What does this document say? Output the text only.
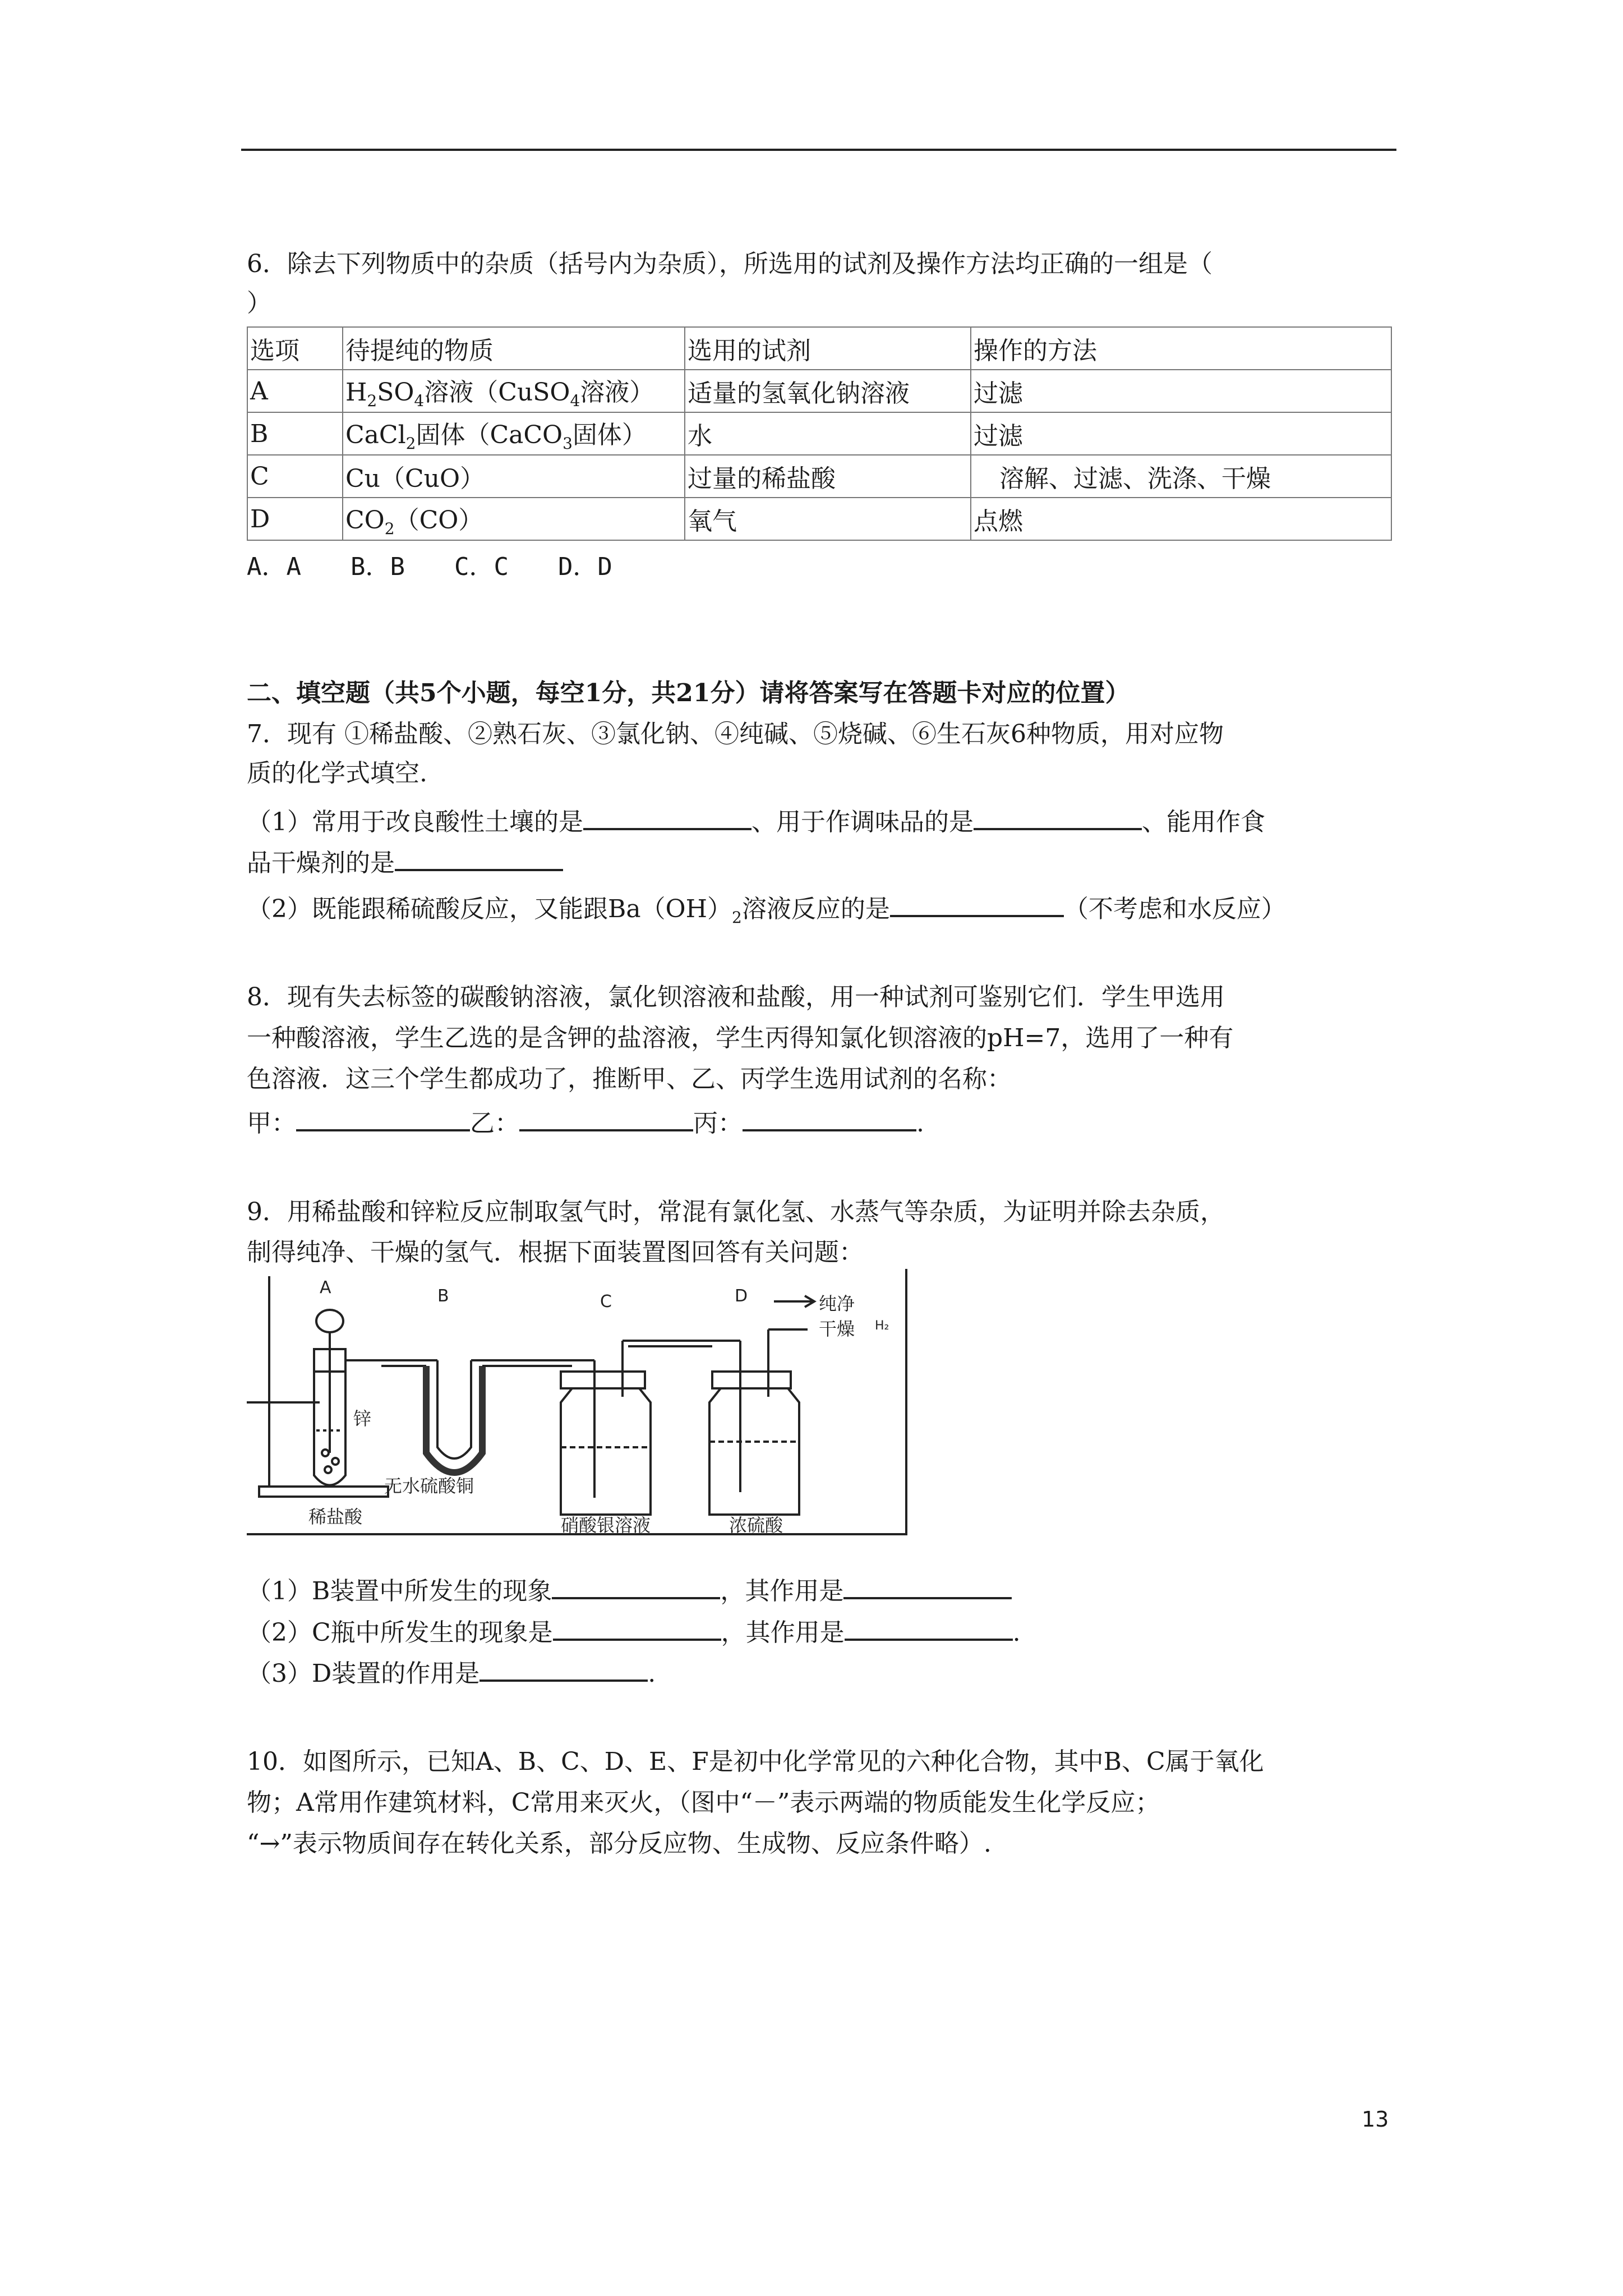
6．除去下列物质中的杂质（括号内为杂质），所选用的试剂及操作方法均正确的一组是（
）
选项	待提纯的物质	选用的试剂	操作的方法
A	$H_2SO_4$溶液（CuSO$_4$溶液）	适量的氢氧化钠溶液	过滤
B	CaCl$_2$固体（CaCO$_3$固体）	水	过滤
C	Cu（CuO）	过量的稀盐酸	溶解、过滤、洗涤、干燥
D	$CO_2(CO)$	氧气	点燃
A．A　　B．B　　C．C　　D．D
二、填空题（共5个小题，每空1分，共21分）请将答案写在答题卡对应的位置）
7．现有 ①稀盐酸、②熟石灰、③氯化钠、④纯碱、⑤烧碱、⑥生石灰6种物质，用对应物
质的化学式填空.
（1）常用于改良酸性土壤的是	、用于作调味品的是	、能用作食
品干燥剂的是
（2）既能跟稀硫酸反应，又能跟$Ba(OH)_2$溶液反应的是	（不考虑和水反应）
8．现有失去标签的碳酸钠溶液，氯化钡溶液和盐酸，用一种试剂可鉴别它们．学生甲选用
一种酸溶液，学生乙选的是含钾的盐溶液，学生丙得知氯化钡溶液的pH=7，选用了一种有
色溶液．这三个学生都成功了，推断甲、乙、丙学生选用试剂的名称：
甲：	乙：	丙：	.
9．用稀盐酸和锌粒反应制取氢气时，常混有氯化氢、水蒸气等杂质，为证明并除去杂质，
制得纯净、干燥的氢气．根据下面装置图回答有关问题：
A
锌
稀盐酸
B
无水硫酸铜
C
硝酸银溶液
D
浓硫酸
纯净
干燥 H₂
（1）B装置中所发生的现象	，其作用是
（2）C瓶中所发生的现象是	，其作用是	.
（3）D装置的作用是	.
10．如图所示，已知A、B、C、D、E、F是初中化学常见的六种化合物，其中B、C属于氧化
物；A常用作建筑材料，C常用来灭火，（图中“－”表示两端的物质能发生化学反应；
“→”表示物质间存在转化关系，部分反应物、生成物、反应条件略）.
13
